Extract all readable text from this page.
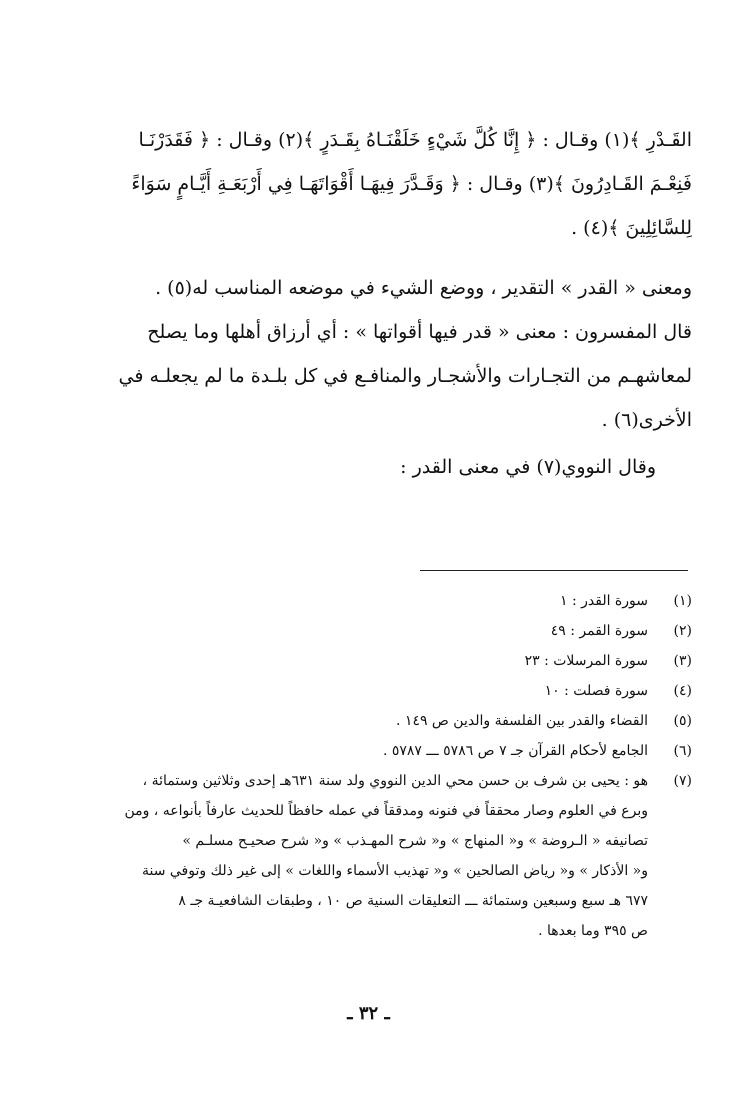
القَـدْرِ ﴾(١) وقـال : ﴿ إِنَّا كُلَّ شَيْءٍ خَلَقْنَـاهُ بِقَـدَرٍ ﴾(٢) وقـال : ﴿ فَقَدَرْنَـا
فَنِعْـمَ القَـادِرُونَ ﴾(٣) وقـال : ﴿ وَقَـدَّرَ فِيهَـا أَقْوَاتَهَـا فِي أَرْبَعَـةِ أَيَّـامٍ سَوَاءً
لِلسَّائِلِينَ ﴾(٤) .
ومعنى « القدر » التقدير ، ووضع الشيء في موضعه المناسب له(٥) .
قال المفسرون : معنى « قدر فيها أقواتها » : أي أرزاق أهلها وما يصلح
لمعاشهـم من التجـارات والأشجـار والمنافـع في كل بلـدة ما لم يجعلـه في
الأخرى(٦) .
وقال النووي(٧) في معنى القدر :
(١)
سورة القدر : ١
(٢)
سورة القمر : ٤٩
(٣)
سورة المرسلات : ٢٣
(٤)
سورة فصلت : ١٠
(٥)
القضاء والقدر بين الفلسفة والدين ص ١٤٩ .
(٦)
الجامع لأحكام القرآن جـ ٧ ص ٥٧٨٦ ـــ ٥٧٨٧ .
(٧)
هو : يحيى بن شرف بن حسن محي الدين النووي ولد سنة ٦٣١هـ إحدى وثلاثين وستمائة ،
وبرع في العلوم وصار محققاً في فنونه ومدققاً في عمله حافظاً للحديث عارفاً بأنواعه ، ومن
تصانيفه « الـروضة » و« المنهاج » و« شرح المهـذب » و« شرح صحيـح مسلـم »
و« الأذكار » و« رياض الصالحين » و« تهذيب الأسماء واللغات » إلى غير ذلك وتوفي سنة
٦٧٧ هـ سبع وسبعين وستمائة ـــ التعليقات السنية ص ١٠ ، وطبقات الشافعيـة جـ ٨
ص ٣٩٥ وما بعدها .
ـ ٣٢ ـ
